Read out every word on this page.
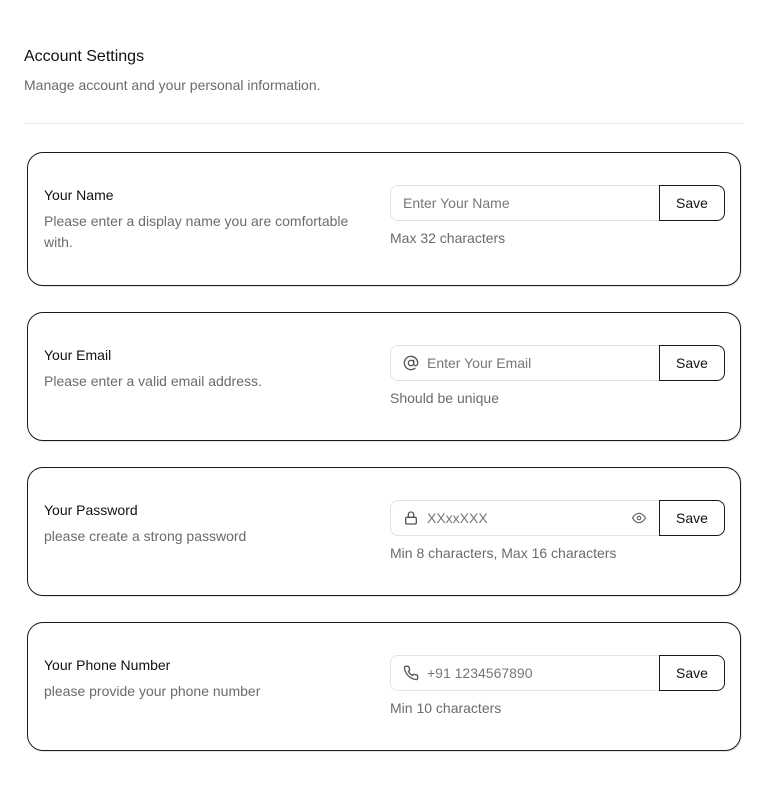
Account Settings
Manage account and your personal information.
Your Name
Please enter a display name you are comfortable with.
Enter Your Name
Save
Max 32 characters
Your Email
Please enter a valid email address.
Enter Your Email
Save
Should be unique
Your Password
please create a strong password
Save
Min 8 characters, Max 16 characters
Your Phone Number
please provide your phone number
+91 1234567890
Save
Min 10 characters
